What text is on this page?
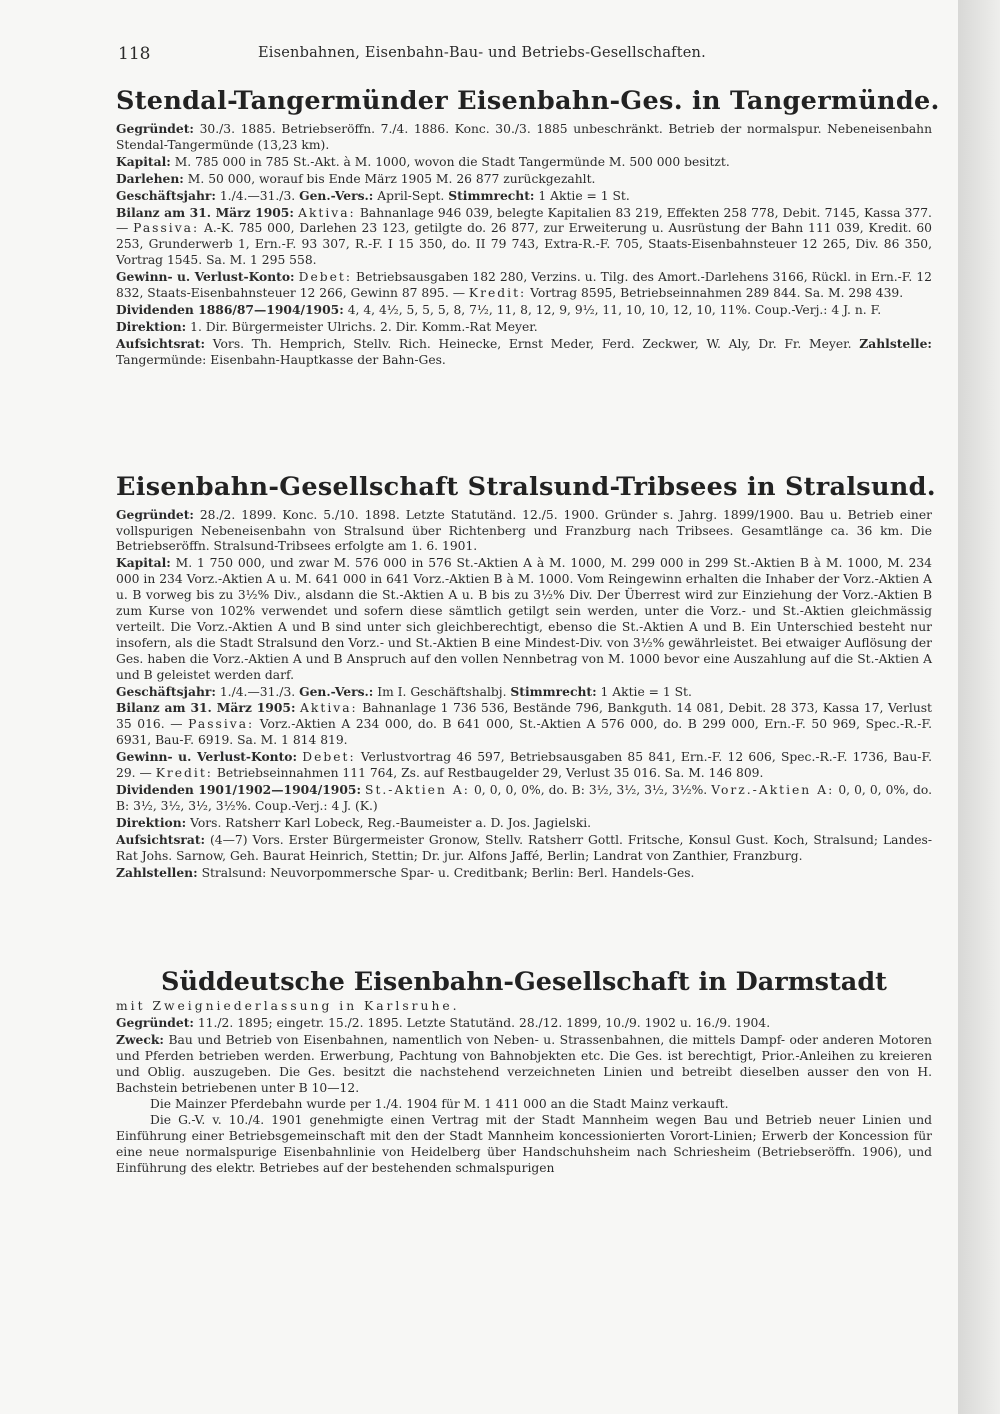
118	Eisenbahnen, Eisenbahn-Bau- und Betriebs-Gesellschaften.
Stendal-Tangermünder Eisenbahn-Ges. in Tangermünde.

Gegründet: 30./3. 1885. Betriebseröffn. 7./4. 1886. Konc. 30./3. 1885 unbeschränkt. Betrieb der normalspur. Nebeneisenbahn Stendal-Tangermünde (13,23 km).

Kapital: M. 785 000 in 785 St.-Akt. à M. 1000, wovon die Stadt Tangermünde M. 500 000 besitzt.

Darlehen: M. 50 000, worauf bis Ende März 1905 M. 26 877 zurückgezahlt.

Geschäftsjahr: 1./4.—31./3. Gen.-Vers.: April-Sept. Stimmrecht: 1 Aktie = 1 St.

Bilanz am 31. März 1905: Aktiva: Bahnanlage 946 039, belegte Kapitalien 83 219, Effekten 258 778, Debit. 7145, Kassa 377. — Passiva: A.-K. 785 000, Darlehen 23 123, getilgte do. 26 877, zur Erweiterung u. Ausrüstung der Bahn 111 039, Kredit. 60 253, Grunderwerb 1, Ern.-F. 93 307, R.-F. I 15 350, do. II 79 743, Extra-R.-F. 705, Staats-Eisenbahnsteuer 12 265, Div. 86 350, Vortrag 1545. Sa. M. 1 295 558.

Gewinn- u. Verlust-Konto: Debet: Betriebsausgaben 182 280, Verzins. u. Tilg. des Amort.-Darlehens 3166, Rückl. in Ern.-F. 12 832, Staats-Eisenbahnsteuer 12 266, Gewinn 87 895. — Kredit: Vortrag 8595, Betriebseinnahmen 289 844. Sa. M. 298 439.

Dividenden 1886/87—1904/1905: 4, 4, 4½, 5, 5, 5, 8, 7½, 11, 8, 12, 9, 9½, 11, 10, 10, 12, 10, 11%. Coup.-Verj.: 4 J. n. F.

Direktion: 1. Dir. Bürgermeister Ulrichs. 2. Dir. Komm.-Rat Meyer.

Aufsichtsrat: Vors. Th. Hemprich, Stellv. Rich. Heinecke, Ernst Meder, Ferd. Zeckwer, W. Aly, Dr. Fr. Meyer. Zahlstelle: Tangermünde: Eisenbahn-Hauptkasse der Bahn-Ges.

Eisenbahn-Gesellschaft Stralsund-Tribsees in Stralsund.

Gegründet: 28./2. 1899. Konc. 5./10. 1898. Letzte Statutänd. 12./5. 1900. Gründer s. Jahrg. 1899/1900. Bau u. Betrieb einer vollspurigen Nebeneisenbahn von Stralsund über Richtenberg und Franzburg nach Tribsees. Gesamtlänge ca. 36 km. Die Betriebseröffn. Stralsund-Tribsees erfolgte am 1. 6. 1901.

Kapital: M. 1 750 000, und zwar M. 576 000 in 576 St.-Aktien A à M. 1000, M. 299 000 in 299 St.-Aktien B à M. 1000, M. 234 000 in 234 Vorz.-Aktien A u. M. 641 000 in 641 Vorz.-Aktien B à M. 1000. Vom Reingewinn erhalten die Inhaber der Vorz.-Aktien A u. B vorweg bis zu 3½% Div., alsdann die St.-Aktien A u. B bis zu 3½% Div. Der Überrest wird zur Einziehung der Vorz.-Aktien B zum Kurse von 102% verwendet und sofern diese sämtlich getilgt sein werden, unter die Vorz.- und St.-Aktien gleichmässig verteilt. Die Vorz.-Aktien A und B sind unter sich gleichberechtigt, ebenso die St.-Aktien A und B. Ein Unterschied besteht nur insofern, als die Stadt Stralsund den Vorz.- und St.-Aktien B eine Mindest-Div. von 3½% gewährleistet. Bei etwaiger Auflösung der Ges. haben die Vorz.-Aktien A und B Anspruch auf den vollen Nennbetrag von M. 1000 bevor eine Auszahlung auf die St.-Aktien A und B geleistet werden darf.

Geschäftsjahr: 1./4.—31./3. Gen.-Vers.: Im I. Geschäftshalbj. Stimmrecht: 1 Aktie = 1 St.

Bilanz am 31. März 1905: Aktiva: Bahnanlage 1 736 536, Bestände 796, Bankguth. 14 081, Debit. 28 373, Kassa 17, Verlust 35 016. — Passiva: Vorz.-Aktien A 234 000, do. B 641 000, St.-Aktien A 576 000, do. B 299 000, Ern.-F. 50 969, Spec.-R.-F. 6931, Bau-F. 6919. Sa. M. 1 814 819.

Gewinn- u. Verlust-Konto: Debet: Verlustvortrag 46 597, Betriebsausgaben 85 841, Ern.-F. 12 606, Spec.-R.-F. 1736, Bau-F. 29. — Kredit: Betriebseinnahmen 111 764, Zs. auf Restbaugelder 29, Verlust 35 016. Sa. M. 146 809.

Dividenden 1901/1902—1904/1905: St.-Aktien A: 0, 0, 0, 0%, do. B: 3½, 3½, 3½, 3½%. Vorz.-Aktien A: 0, 0, 0, 0%, do. B: 3½, 3½, 3½, 3½%. Coup.-Verj.: 4 J. (K.)

Direktion: Vors. Ratsherr Karl Lobeck, Reg.-Baumeister a. D. Jos. Jagielski.

Aufsichtsrat: (4—7) Vors. Erster Bürgermeister Gronow, Stellv. Ratsherr Gottl. Fritsche, Konsul Gust. Koch, Stralsund; Landes-Rat Johs. Sarnow, Geh. Baurat Heinrich, Stettin; Dr. jur. Alfons Jaffé, Berlin; Landrat von Zanthier, Franzburg.

Zahlstellen: Stralsund: Neuvorpommersche Spar- u. Creditbank; Berlin: Berl. Handels-Ges.

Süddeutsche Eisenbahn-Gesellschaft in Darmstadt

mit Zweigniederlassung in Karlsruhe.

Gegründet: 11./2. 1895; eingetr. 15./2. 1895. Letzte Statutänd. 28./12. 1899, 10./9. 1902 u. 16./9. 1904.

Zweck: Bau und Betrieb von Eisenbahnen, namentlich von Neben- u. Strassenbahnen, die mittels Dampf- oder anderen Motoren und Pferden betrieben werden. Erwerbung, Pachtung von Bahnobjekten etc. Die Ges. ist berechtigt, Prior.-Anleihen zu kreieren und Oblig. auszugeben. Die Ges. besitzt die nachstehend verzeichneten Linien und betreibt dieselben ausser den von H. Bachstein betriebenen unter B 10—12.

Die Mainzer Pferdebahn wurde per 1./4. 1904 für M. 1 411 000 an die Stadt Mainz verkauft.

Die G.-V. v. 10./4. 1901 genehmigte einen Vertrag mit der Stadt Mannheim wegen Bau und Betrieb neuer Linien und Einführung einer Betriebsgemeinschaft mit den der Stadt Mannheim koncessionierten Vorort-Linien; Erwerb der Koncession für eine neue normalspurige Eisenbahnlinie von Heidelberg über Handschuhsheim nach Schriesheim (Betriebseröffn. 1906), und Einführung des elektr. Betriebes auf der bestehenden schmalspurigen
